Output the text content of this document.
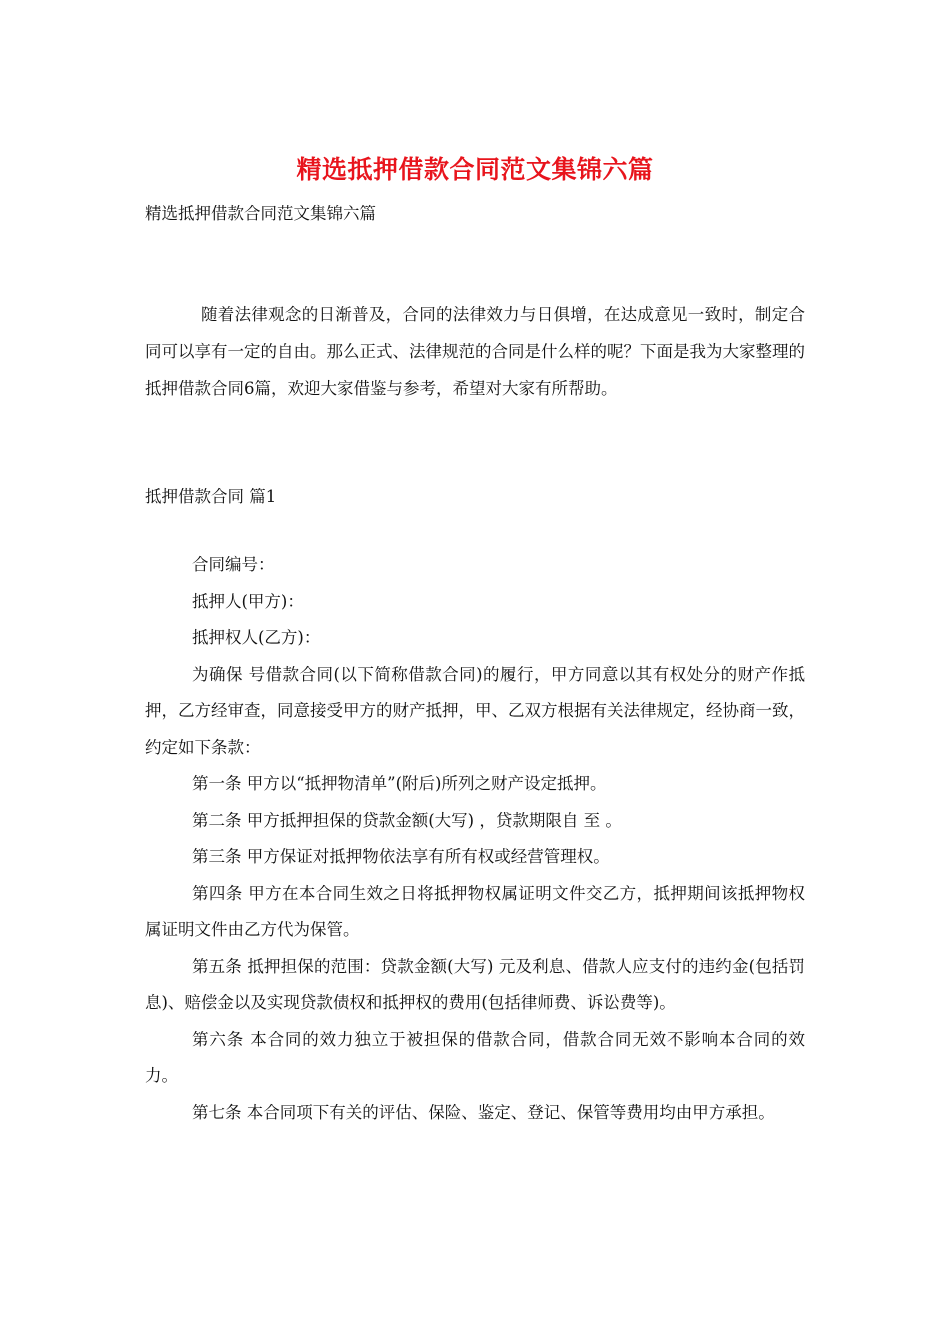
精选抵押借款合同范文集锦六篇
精选抵押借款合同范文集锦六篇
随着法律观念的日渐普及，合同的法律效力与日俱增，在达成意见一致时，制定合同可以享有一定的自由。那么正式、法律规范的合同是什么样的呢？下面是我为大家整理的抵押借款合同6篇，欢迎大家借鉴与参考，希望对大家有所帮助。
抵押借款合同 篇1

合同编号：

抵押人(甲方)：

抵押权人(乙方)：

为确保 号借款合同(以下简称借款合同)的履行，甲方同意以其有权处分的财产作抵押，乙方经审查，同意接受甲方的财产抵押，甲、乙双方根据有关法律规定，经协商一致，约定如下条款：

第一条 甲方以“抵押物清单”(附后)所列之财产设定抵押。

第二条 甲方抵押担保的贷款金额(大写) ，贷款期限自 至 。

第三条 甲方保证对抵押物依法享有所有权或经营管理权。

第四条 甲方在本合同生效之日将抵押物权属证明文件交乙方，抵押期间该抵押物权属证明文件由乙方代为保管。

第五条 抵押担保的范围：贷款金额(大写) 元及利息、借款人应支付的违约金(包括罚息)、赔偿金以及实现贷款债权和抵押权的费用(包括律师费、诉讼费等)。

第六条 本合同的效力独立于被担保的借款合同，借款合同无效不影响本合同的效力。

第七条 本合同项下有关的评估、保险、鉴定、登记、保管等费用均由甲方承担。
